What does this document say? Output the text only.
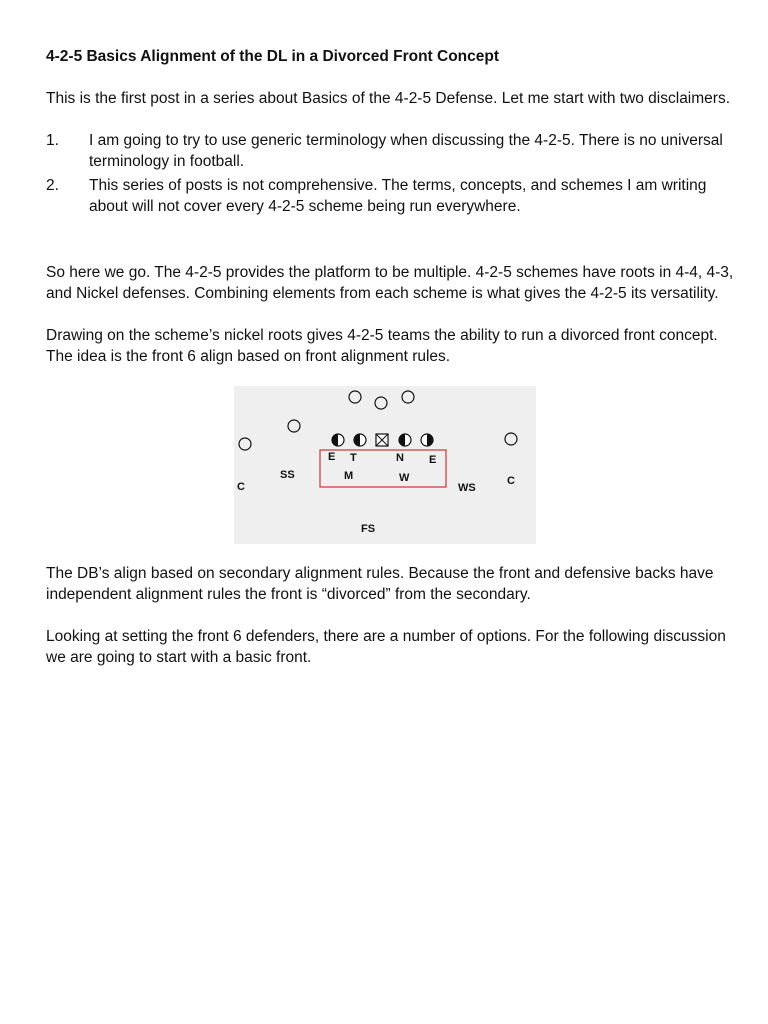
4-2-5 Basics Alignment of the DL in a Divorced Front Concept

This is the first post in a series about Basics of the 4-2-5 Defense. Let me start with two disclaimers.

1. I am going to try to use generic terminology when discussing the 4-2-5. There is no universal terminology in football.

2. This series of posts is not comprehensive. The terms, concepts, and schemes I am writing about will not cover every 4-2-5 scheme being run everywhere.

So here we go. The 4-2-5 provides the platform to be multiple. 4-2-5 schemes have roots in 4-4, 4-3, and Nickel defenses. Combining elements from each scheme is what gives the 4-2-5 its versatility.

Drawing on the scheme’s nickel roots gives 4-2-5 teams the ability to run a divorced front concept. The idea is the front 6 align based on front alignment rules.

E T	N E
M	W
SS
WS
C	C
FS

The DB’s align based on secondary alignment rules. Because the front and defensive backs have independent alignment rules the front is “divorced” from the secondary.

Looking at setting the front 6 defenders, there are a number of options. For the following discussion we are going to start with a basic front.
